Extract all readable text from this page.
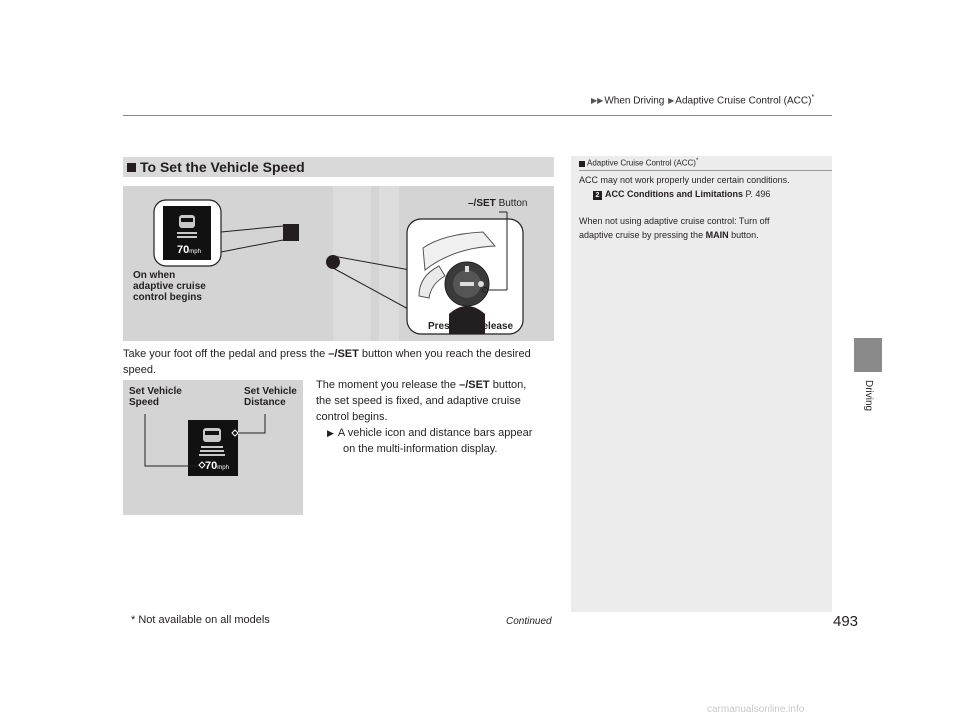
▶▶When Driving ▶Adaptive Cruise Control (ACC)*
Driving
To Set the Vehicle Speed
70mph
On when
adaptive cruise
control begins
–/SET Button
Press and release
Take your foot off the pedal and press the –/SET button when you reach the desired
speed.
The moment you release the –/SET button,
the set speed is fixed, and adaptive cruise
control begins.
▶ A vehicle icon and distance bars appear
on the multi-information display.
Set Vehicle
Speed
Set Vehicle
Distance
70mph
Adaptive Cruise Control (ACC)*
ACC may not work properly under certain conditions.
2 ACC Conditions and Limitations P. 496
When not using adaptive cruise control: Turn off
adaptive cruise by pressing the MAIN button.
Continued	493
* Not available on all models
carmanualsonline.info
